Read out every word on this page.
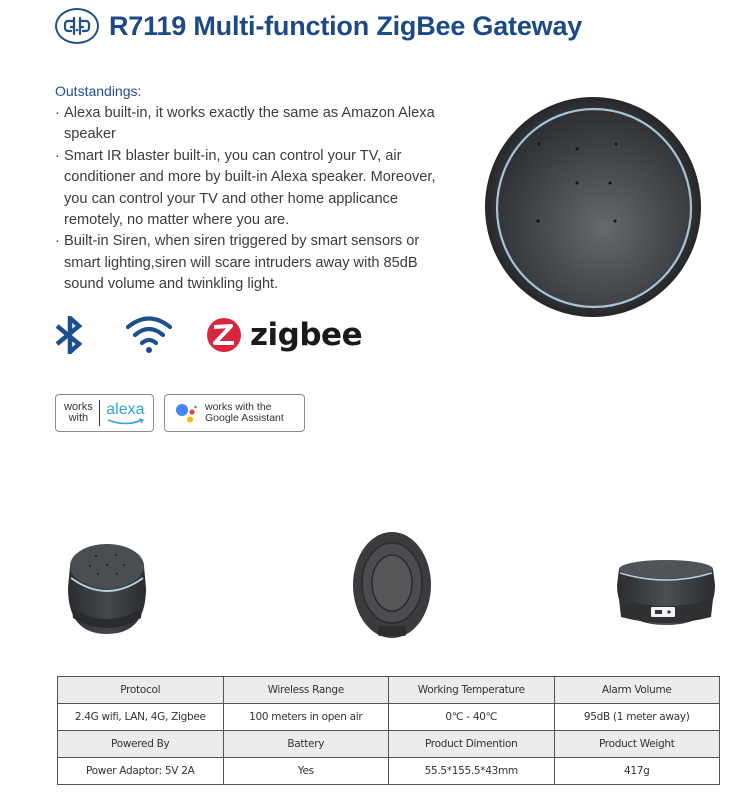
R7119 Multi-function ZigBee Gateway
Outstandings:
· Alexa built-in, it works exactly the same as Amazon Alexa speaker
· Smart IR blaster built-in, you can control your TV, air conditioner and more by built-in Alexa speaker. Moreover, you can control your TV and other home applicance remotely, no matter where you are.
· Built-in Siren, when siren triggered by smart sensors or smart lighting,siren will scare intruders away with 85dB sound volume and twinkling light.
zigbee
works
with alexa	works with the
Google Assistant
Protocol	Wireless Range	Working Temperature	Alarm Volume
2.4G wifi, LAN, 4G, Zigbee	100 meters in open air	0℃ - 40℃	95dB (1 meter away)
Powered By	Battery	Product Dimention	Product Weight
Power Adaptor: 5V 2A	Yes	55.5*155.5*43mm	417g
